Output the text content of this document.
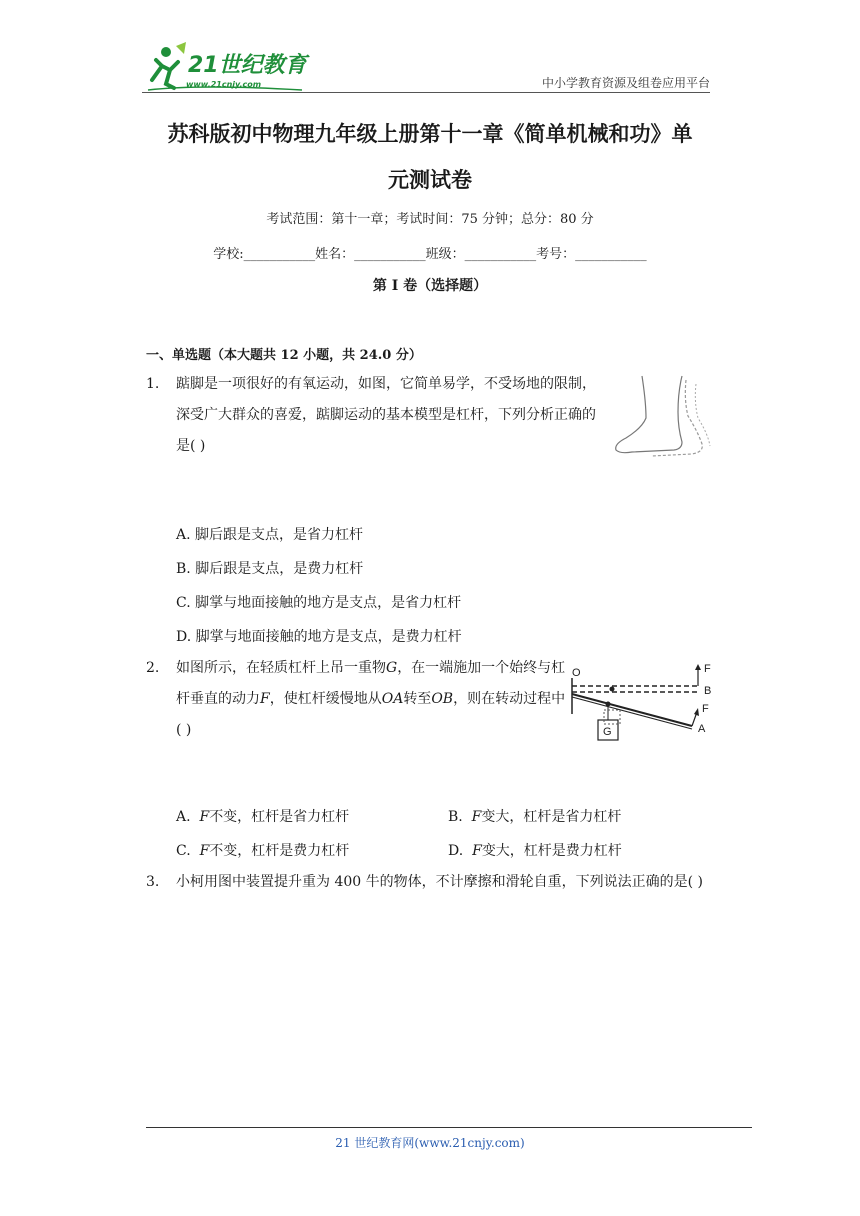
21世纪教育
www.21cnjy.com	中小学教育资源及组卷应用平台
苏科版初中物理九年级上册第十一章《简单机械和功》单
元测试卷
考试范围：第十一章；考试时间：75 分钟；总分：80 分
学校:___________姓名：___________班级：___________考号：___________
第 I 卷（选择题）
一、单选题（本大题共 12 小题，共 24.0 分）
1. 踮脚是一项很好的有氧运动，如图，它简单易学，不受场地的限制，深受广大群众的喜爱，踮脚运动的基本模型是杠杆，下列分析正确的是( )
A. 脚后跟是支点，是省力杠杆
B. 脚后跟是支点，是费力杠杆
C. 脚掌与地面接触的地方是支点，是省力杠杆
D. 脚掌与地面接触的地方是支点，是费力杠杆
2. 如图所示，在轻质杠杆上吊一重物G，在一端施加一个始终与杠杆垂直的动力F，使杠杆缓慢地从OA转至OB，则在转动过程中( )
O	F
B
F
A
G
A. F不变，杠杆是省力杠杆	B. F变大，杠杆是省力杠杆
C. F不变，杠杆是费力杠杆	D. F变大，杠杆是费力杠杆
3. 小柯用图中装置提升重为 400 牛的物体，不计摩擦和滑轮自重，下列说法正确的是( )
21 世纪教育网(www.21cnjy.com)
